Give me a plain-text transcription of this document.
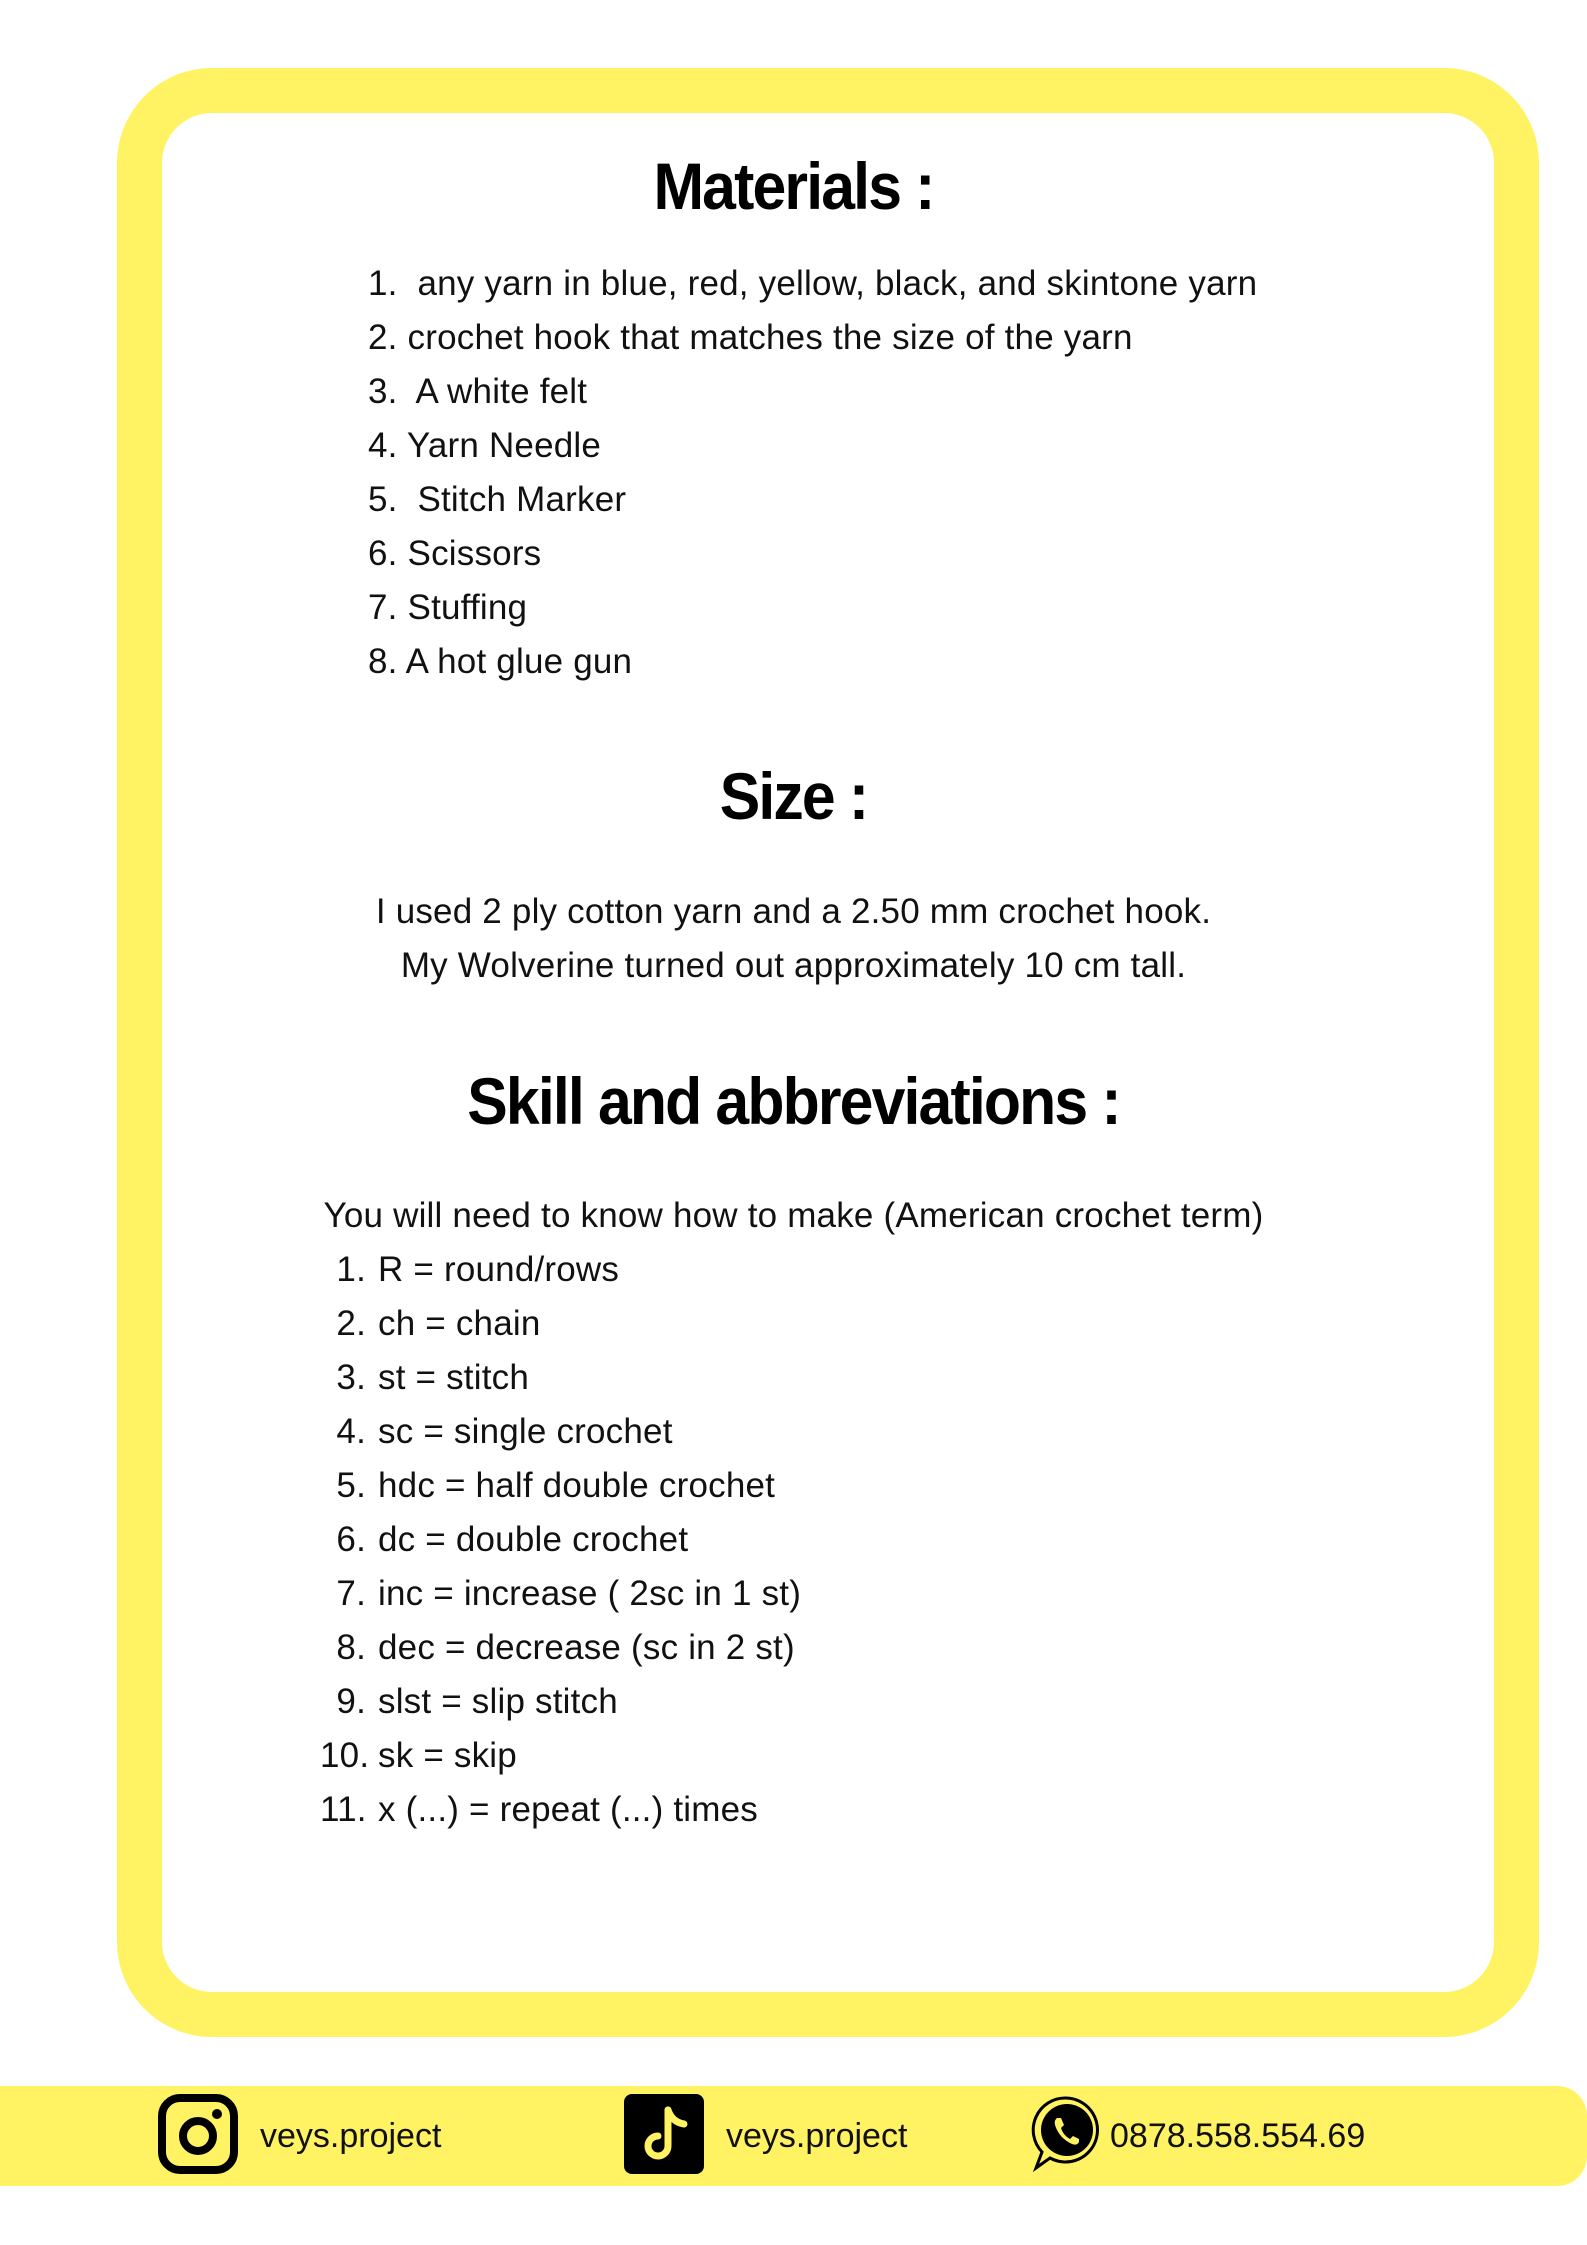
Materials :
1.  any yarn in blue, red, yellow, black, and skintone yarn
2. crochet hook that matches the size of the yarn
3.  A white felt
4. Yarn Needle
5.  Stitch Marker
6. Scissors
7. Stuffing
8. A hot glue gun
Size :
I used 2 ply cotton yarn and a 2.50 mm crochet hook.
My Wolverine turned out approximately 10 cm tall.
Skill and abbreviations :
You will need to know how to make (American crochet term)
1. R = round/rows
2. ch = chain
3. st = stitch
4. sc = single crochet
5. hdc = half double crochet
6. dc = double crochet
7. inc = increase ( 2sc in 1 st)
8. dec = decrease (sc in 2 st)
9. slst = slip stitch
10. sk = skip
11. x (...) = repeat (...) times
veys.project	veys.project	0878.558.554.69
